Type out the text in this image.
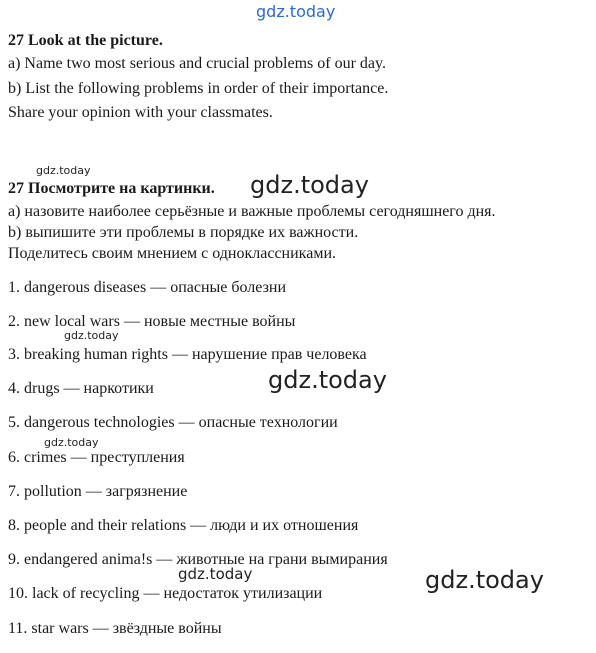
gdz.today
gdz.today
gdz.today
gdz.today
gdz.today
gdz.today
gdz.today	gdz.today
27 Look at the picture.
a) Name two most serious and crucial problems of our day.
b) List the following problems in order of their importance.
Share your opinion with your classmates.
27 Посмотрите на картинки.
а) назовите наиболее серьёзные и важные проблемы сегодняшнего дня.
b) выпишите эти проблемы в порядке их важности.
Поделитесь своим мнением с одноклассниками.
1. dangerous diseases — опасные болезни
2. new local wars — новые местные войны
3. breaking human rights — нарушение прав человека
4. drugs — наркотики
5. dangerous technologies — опасные технологии
6. crimes — преступления
7. pollution — загрязнение
8. people and their relations — люди и их отношения
9. endangered anima!s — животные на грани вымирания
10. lack of recycling — недостаток утилизации
11. star wars — звёздные войны
